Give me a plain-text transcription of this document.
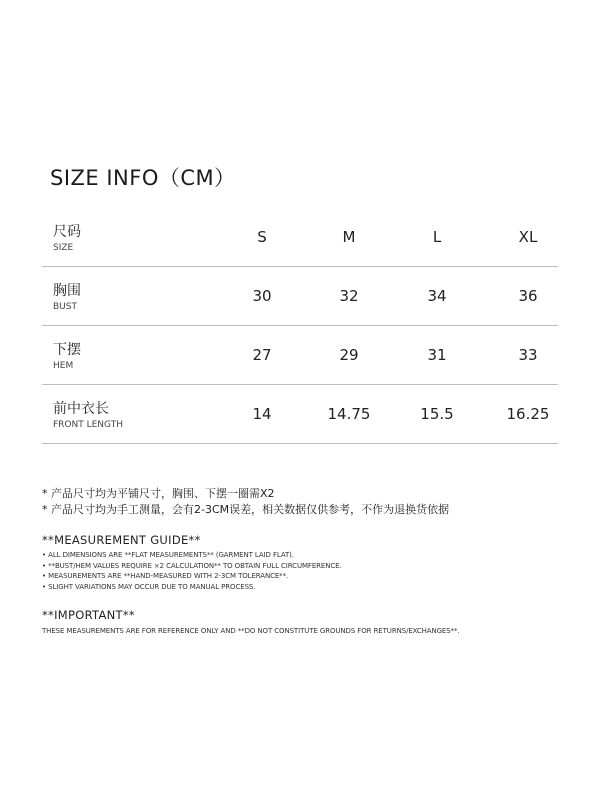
SIZE INFO（CM）
尺码
SIZE
S	M	L	XL
胸围
BUST
30	32	34	36
下摆
HEM
27	29	31	33
前中衣长
FRONT LENGTH
14	14.75	15.5	16.25
* 产品尺寸均为平铺尺寸，胸围、下摆一圈需X2
* 产品尺寸均为手工测量，会有2-3CM误差，相关数据仅供参考，不作为退换货依据
**MEASUREMENT GUIDE**
• ALL DIMENSIONS ARE **FLAT MEASUREMENTS** (GARMENT LAID FLAT).
• **BUST/HEM VALUES REQUIRE ×2 CALCULATION** TO OBTAIN FULL CIRCUMFERENCE.
• MEASUREMENTS ARE **HAND-MEASURED WITH 2-3CM TOLERANCE**.
• SLIGHT VARIATIONS MAY OCCUR DUE TO MANUAL PROCESS.
**IMPORTANT**
THESE MEASUREMENTS ARE FOR REFERENCE ONLY AND **DO NOT CONSTITUTE GROUNDS FOR RETURNS/EXCHANGES**.
